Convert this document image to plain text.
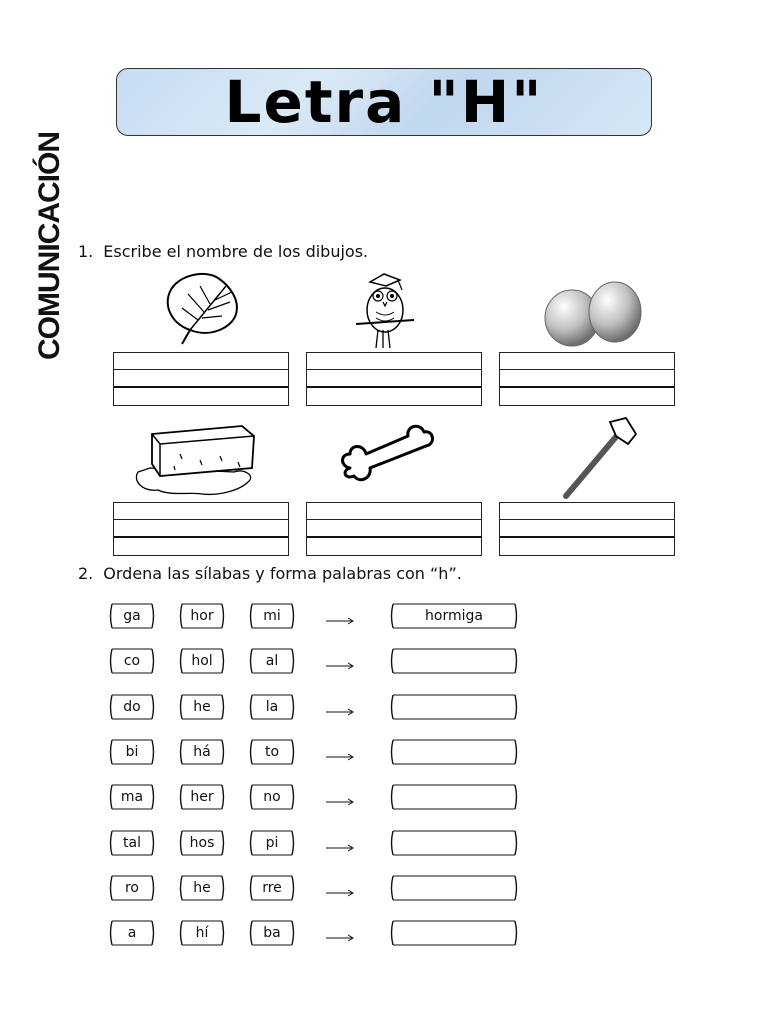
Letra "H"
COMUNICACIÓN 1. Escribe el nombre de los dibujos.
2. Ordena las sílabas y forma palabras con “h”.
ga	hor	mi	hormiga
co	hol	al
do	he	la
bi	há	to
ma	her	no
tal	hos	pi
ro	he	rre
a	hí	ba
